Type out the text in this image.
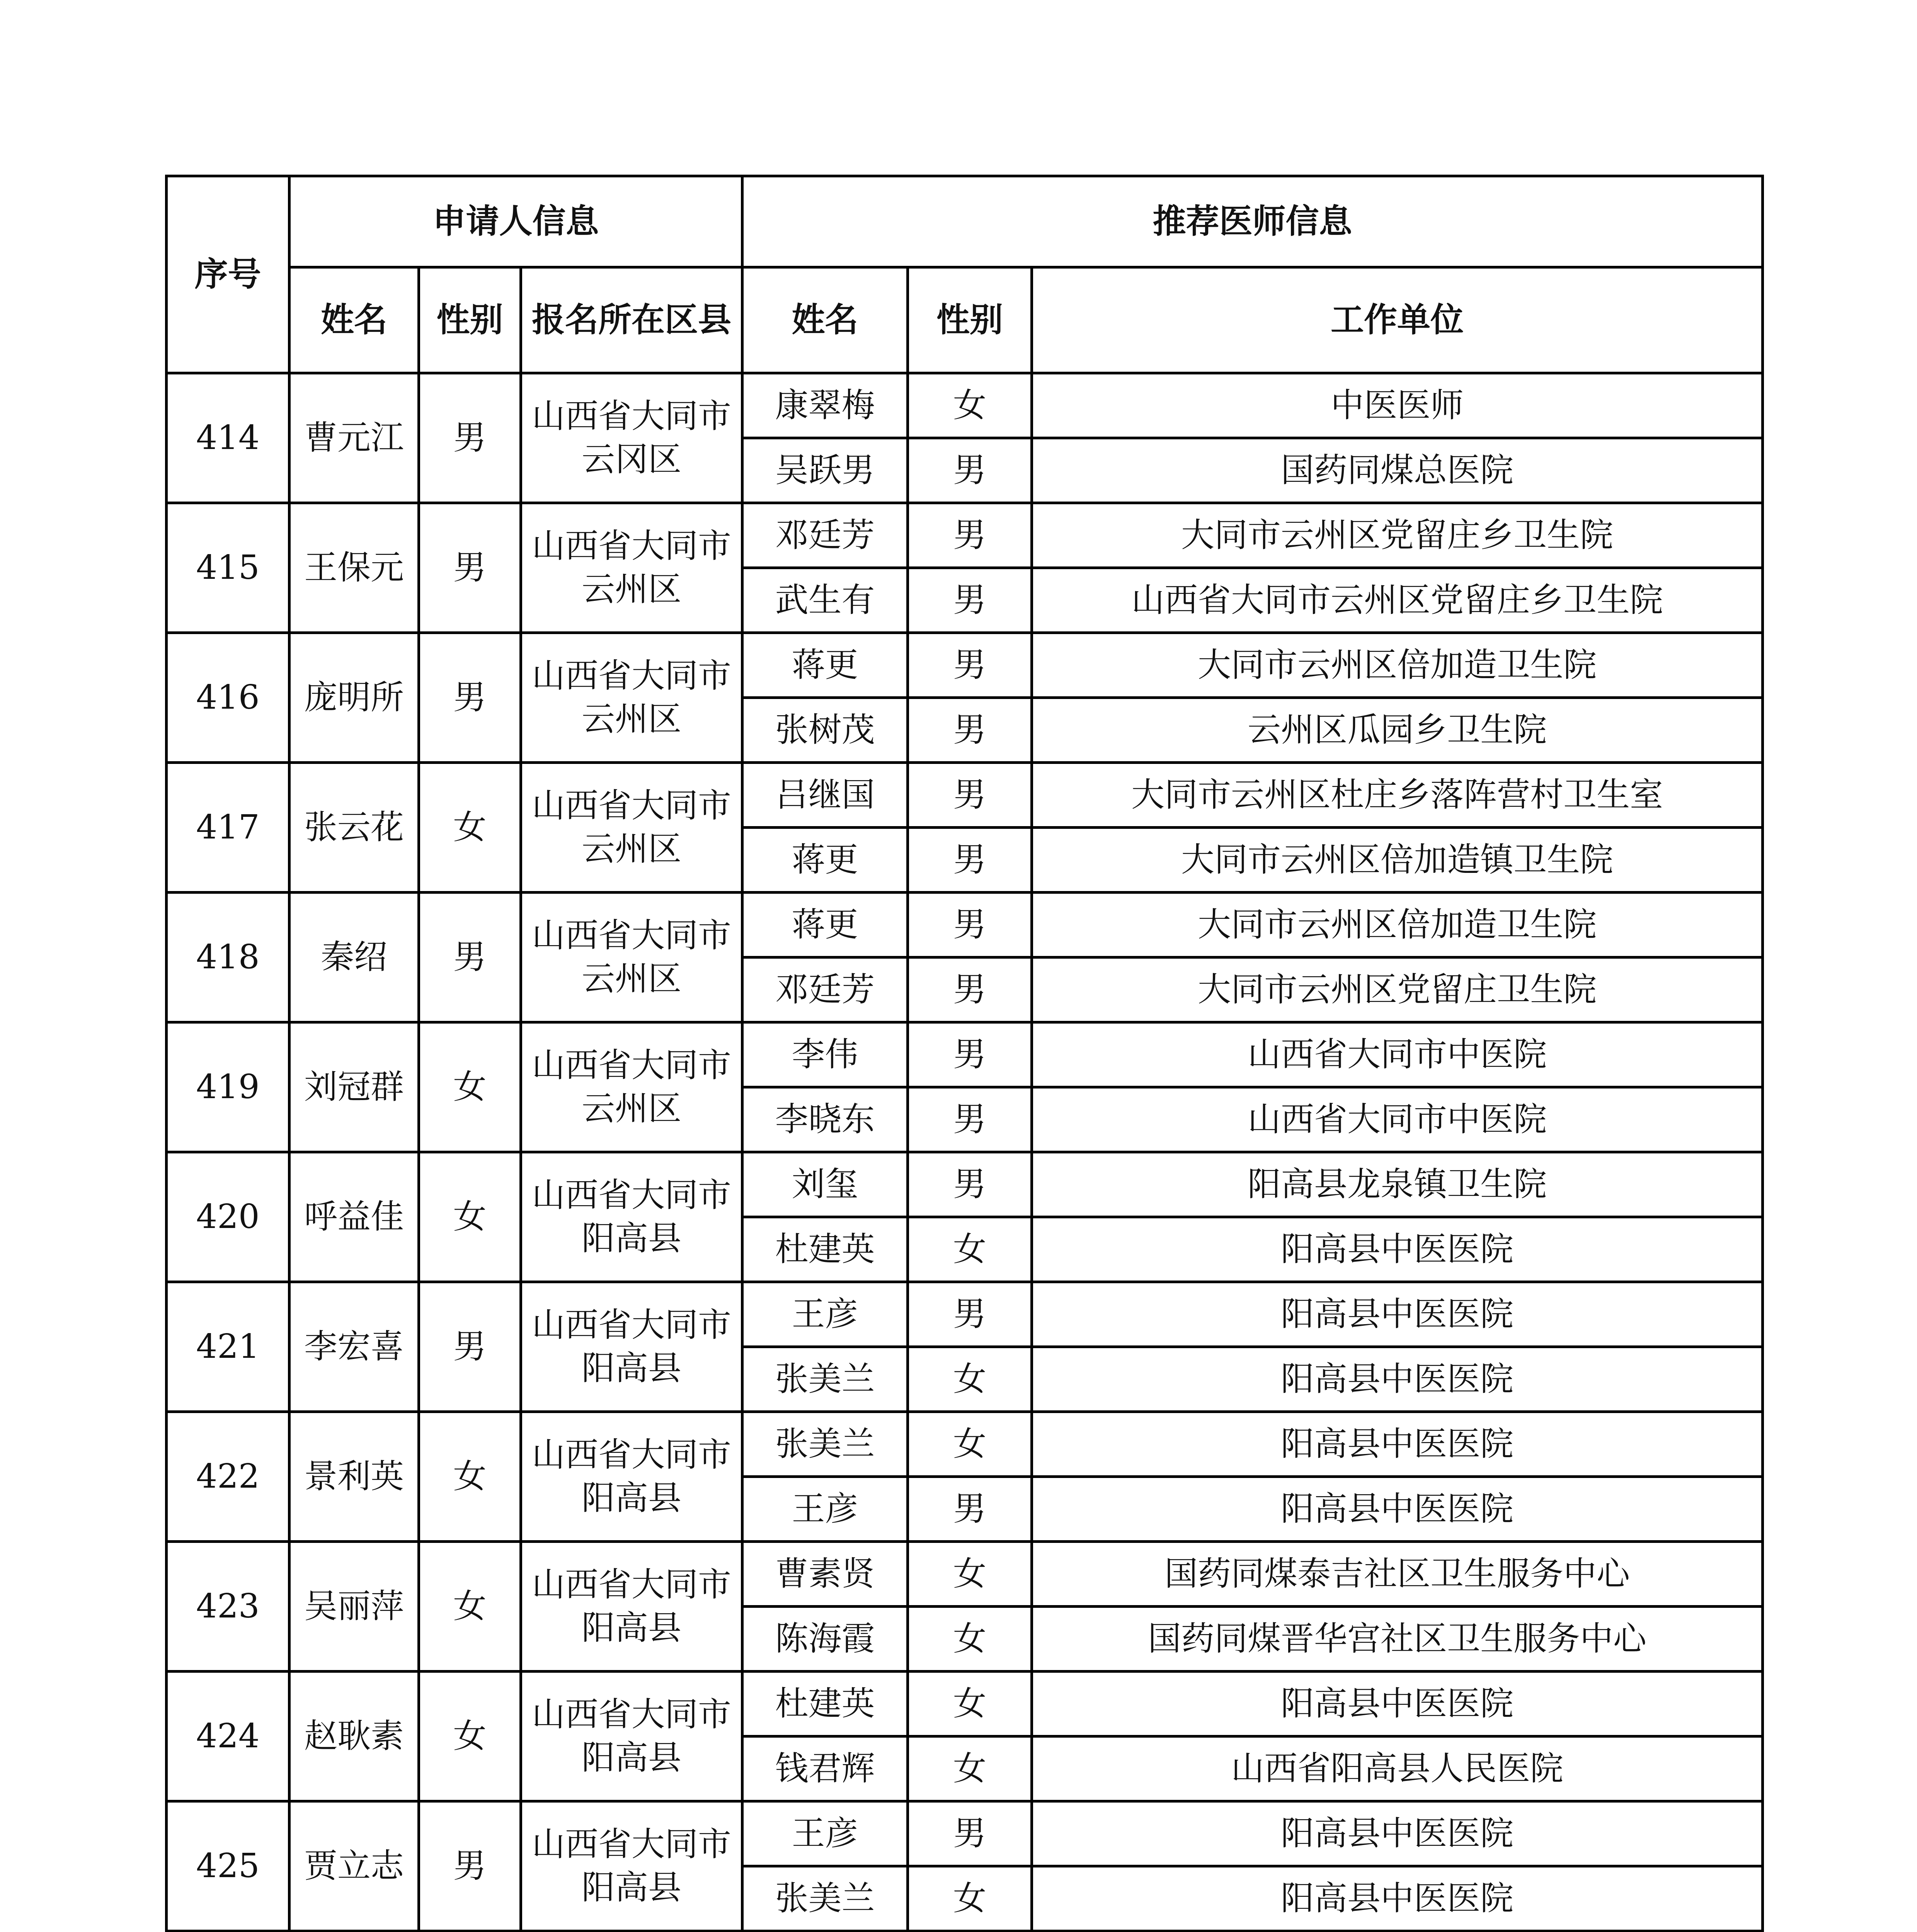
序号	申请人信息			推荐医师信息		
	姓名	性别	报名所在区县	姓名	性别	工作单位
414	曹元江	男	山西省大同市云冈区	康翠梅	女	中医医师
				吴跃男	男	国药同煤总医院
415	王保元	男	山西省大同市云州区	邓廷芳	男	大同市云州区党留庄乡卫生院
				武生有	男	山西省大同市云州区党留庄乡卫生院
416	庞明所	男	山西省大同市云州区	蒋更	男	大同市云州区倍加造卫生院
				张树茂	男	云州区瓜园乡卫生院
417	张云花	女	山西省大同市云州区	吕继国	男	大同市云州区杜庄乡落阵营村卫生室
				蒋更	男	大同市云州区倍加造镇卫生院
418	秦绍	男	山西省大同市云州区	蒋更	男	大同市云州区倍加造卫生院
				邓廷芳	男	大同市云州区党留庄卫生院
419	刘冠群	女	山西省大同市云州区	李伟	男	山西省大同市中医院
				李晓东	男	山西省大同市中医院
420	呼益佳	女	山西省大同市阳高县	刘玺	男	阳高县龙泉镇卫生院
				杜建英	女	阳高县中医医院
421	李宏喜	男	山西省大同市阳高县	王彦	男	阳高县中医医院
				张美兰	女	阳高县中医医院
422	景利英	女	山西省大同市阳高县	张美兰	女	阳高县中医医院
				王彦	男	阳高县中医医院
423	吴丽萍	女	山西省大同市阳高县	曹素贤	女	国药同煤泰吉社区卫生服务中心
				陈海霞	女	国药同煤晋华宫社区卫生服务中心
424	赵耿素	女	山西省大同市阳高县	杜建英	女	阳高县中医医院
				钱君辉	女	山西省阳高县人民医院
425	贾立志	男	山西省大同市阳高县	王彦	男	阳高县中医医院
				张美兰	女	阳高县中医医院
